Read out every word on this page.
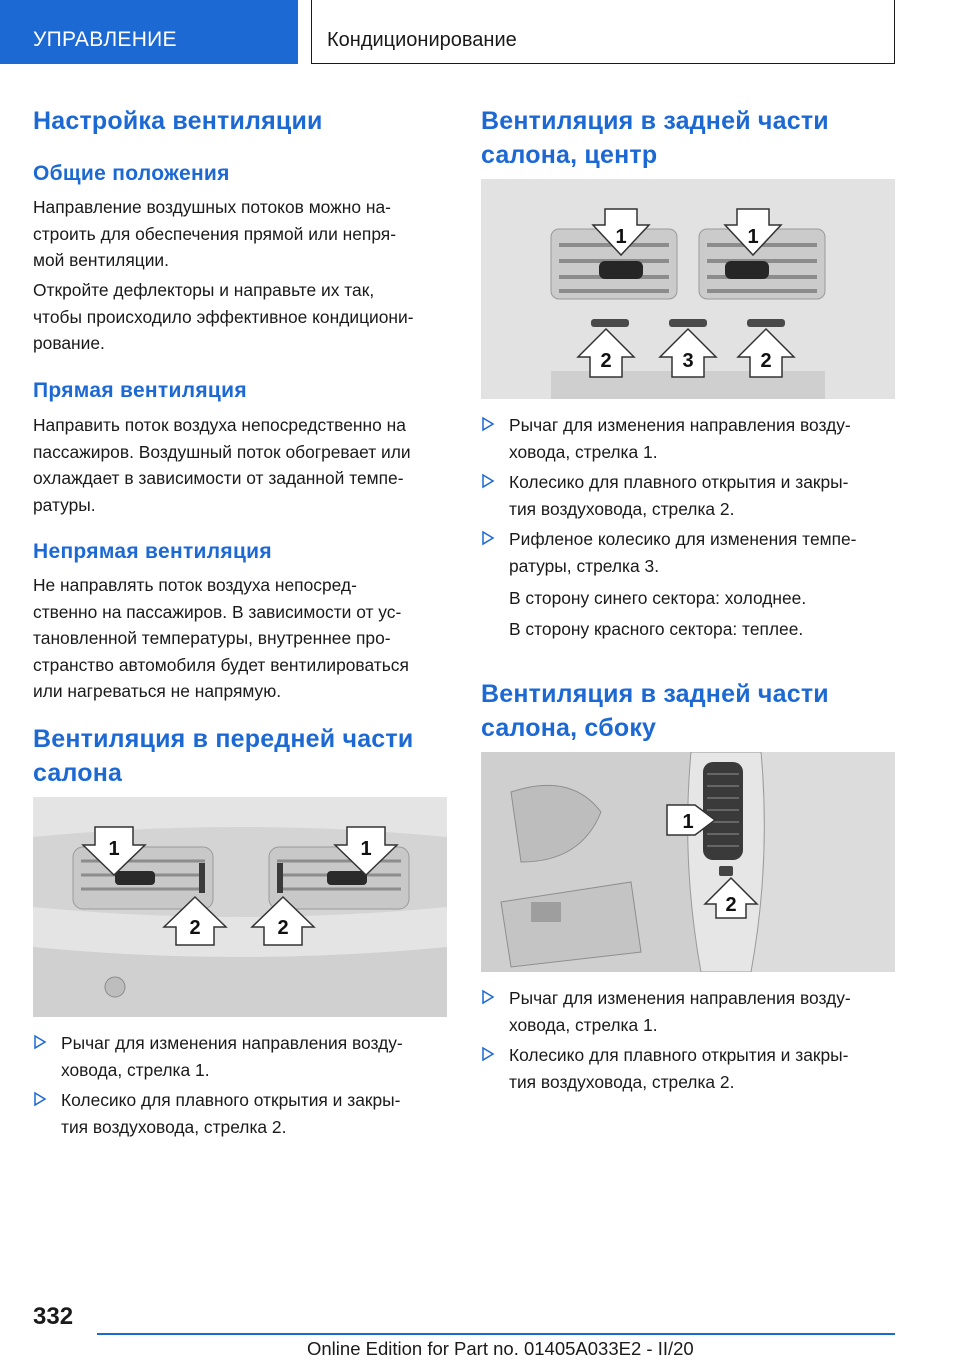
УПРАВЛЕНИЕ	Кондиционирование
Настройка вентиляции
Общие положения
Направление воздушных потоков можно на-
строить для обеспечения прямой или непря-
мой вентиляции.
Откройте дефлекторы и направьте их так,
чтобы происходило эффективное кондициони-
рование.
Прямая вентиляция
Направить поток воздуха непосредственно на
пассажиров. Воздушный поток обогревает или
охлаждает в зависимости от заданной темпе-
ратуры.
Непрямая вентиляция
Не направлять поток воздуха непосред-
ственно на пассажиров. В зависимости от ус-
тановленной температуры, внутреннее про-
странство автомобиля будет вентилироваться
или нагреваться не напрямую.
Вентиляция в передней части
салона
1	1
2	2
Рычаг для изменения направления возду-
ховода, стрелка 1.
Колесико для плавного открытия и закры-
тия воздуховода, стрелка 2.
Вентиляция в задней части
салона, центр
1	1
2	3	2
Рычаг для изменения направления возду-
ховода, стрелка 1.
Колесико для плавного открытия и закры-
тия воздуховода, стрелка 2.
Рифленое колесико для изменения темпе-
ратуры, стрелка 3.
В сторону синего сектора: холоднее.
В сторону красного сектора: теплее.
Вентиляция в задней части
салона, сбоку
1
2
Рычаг для изменения направления возду-
ховода, стрелка 1.
Колесико для плавного открытия и закры-
тия воздуховода, стрелка 2.
332
Online Edition for Part no. 01405A033E2 - II/20
